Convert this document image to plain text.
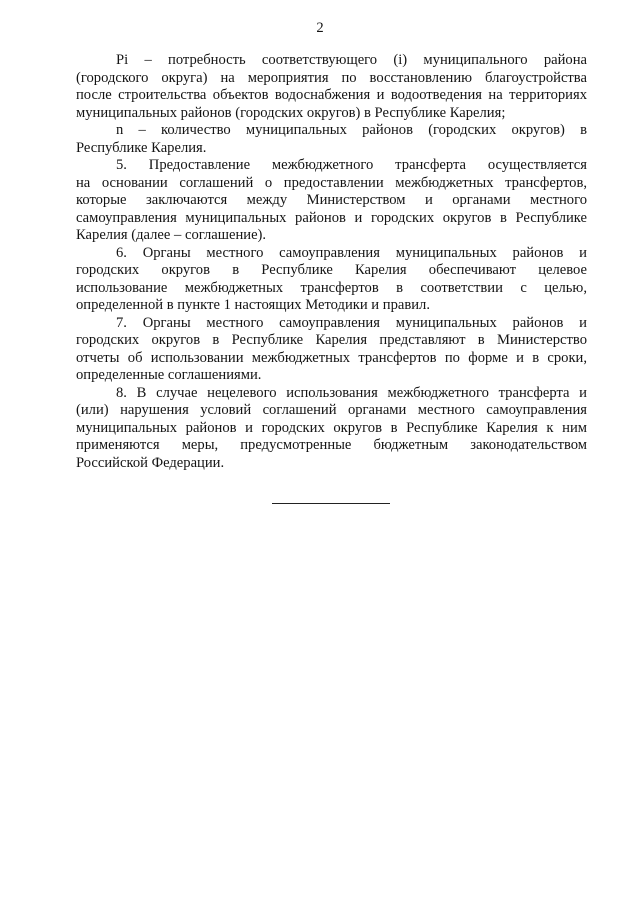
2
Pi – потребность соответствующего (i) муниципального района
(городского округа) на мероприятия по восстановлению благоустройства
после строительства объектов водоснабжения и водоотведения на территориях
муниципальных районов (городских округов) в Республике Карелия;
n – количество муниципальных районов (городских округов) в
Республике Карелия.
5. Предоставление межбюджетного трансферта осуществляется
на основании соглашений о предоставлении межбюджетных трансфертов,
которые заключаются между Министерством и органами местного
самоуправления муниципальных районов и городских округов в Республике
Карелия (далее – соглашение).
6. Органы местного самоуправления муниципальных районов и
городских округов в Республике Карелия обеспечивают целевое
использование межбюджетных трансфертов в соответствии с целью,
определенной в пункте 1 настоящих Методики и правил.
7. Органы местного самоуправления муниципальных районов и
городских округов в Республике Карелия представляют в Министерство
отчеты об использовании межбюджетных трансфертов по форме и в сроки,
определенные соглашениями.
8. В случае нецелевого использования межбюджетного трансферта и
(или) нарушения условий соглашений органами местного самоуправления
муниципальных районов и городских округов в Республике Карелия к ним
применяются меры, предусмотренные бюджетным законодательством
Российской Федерации.
